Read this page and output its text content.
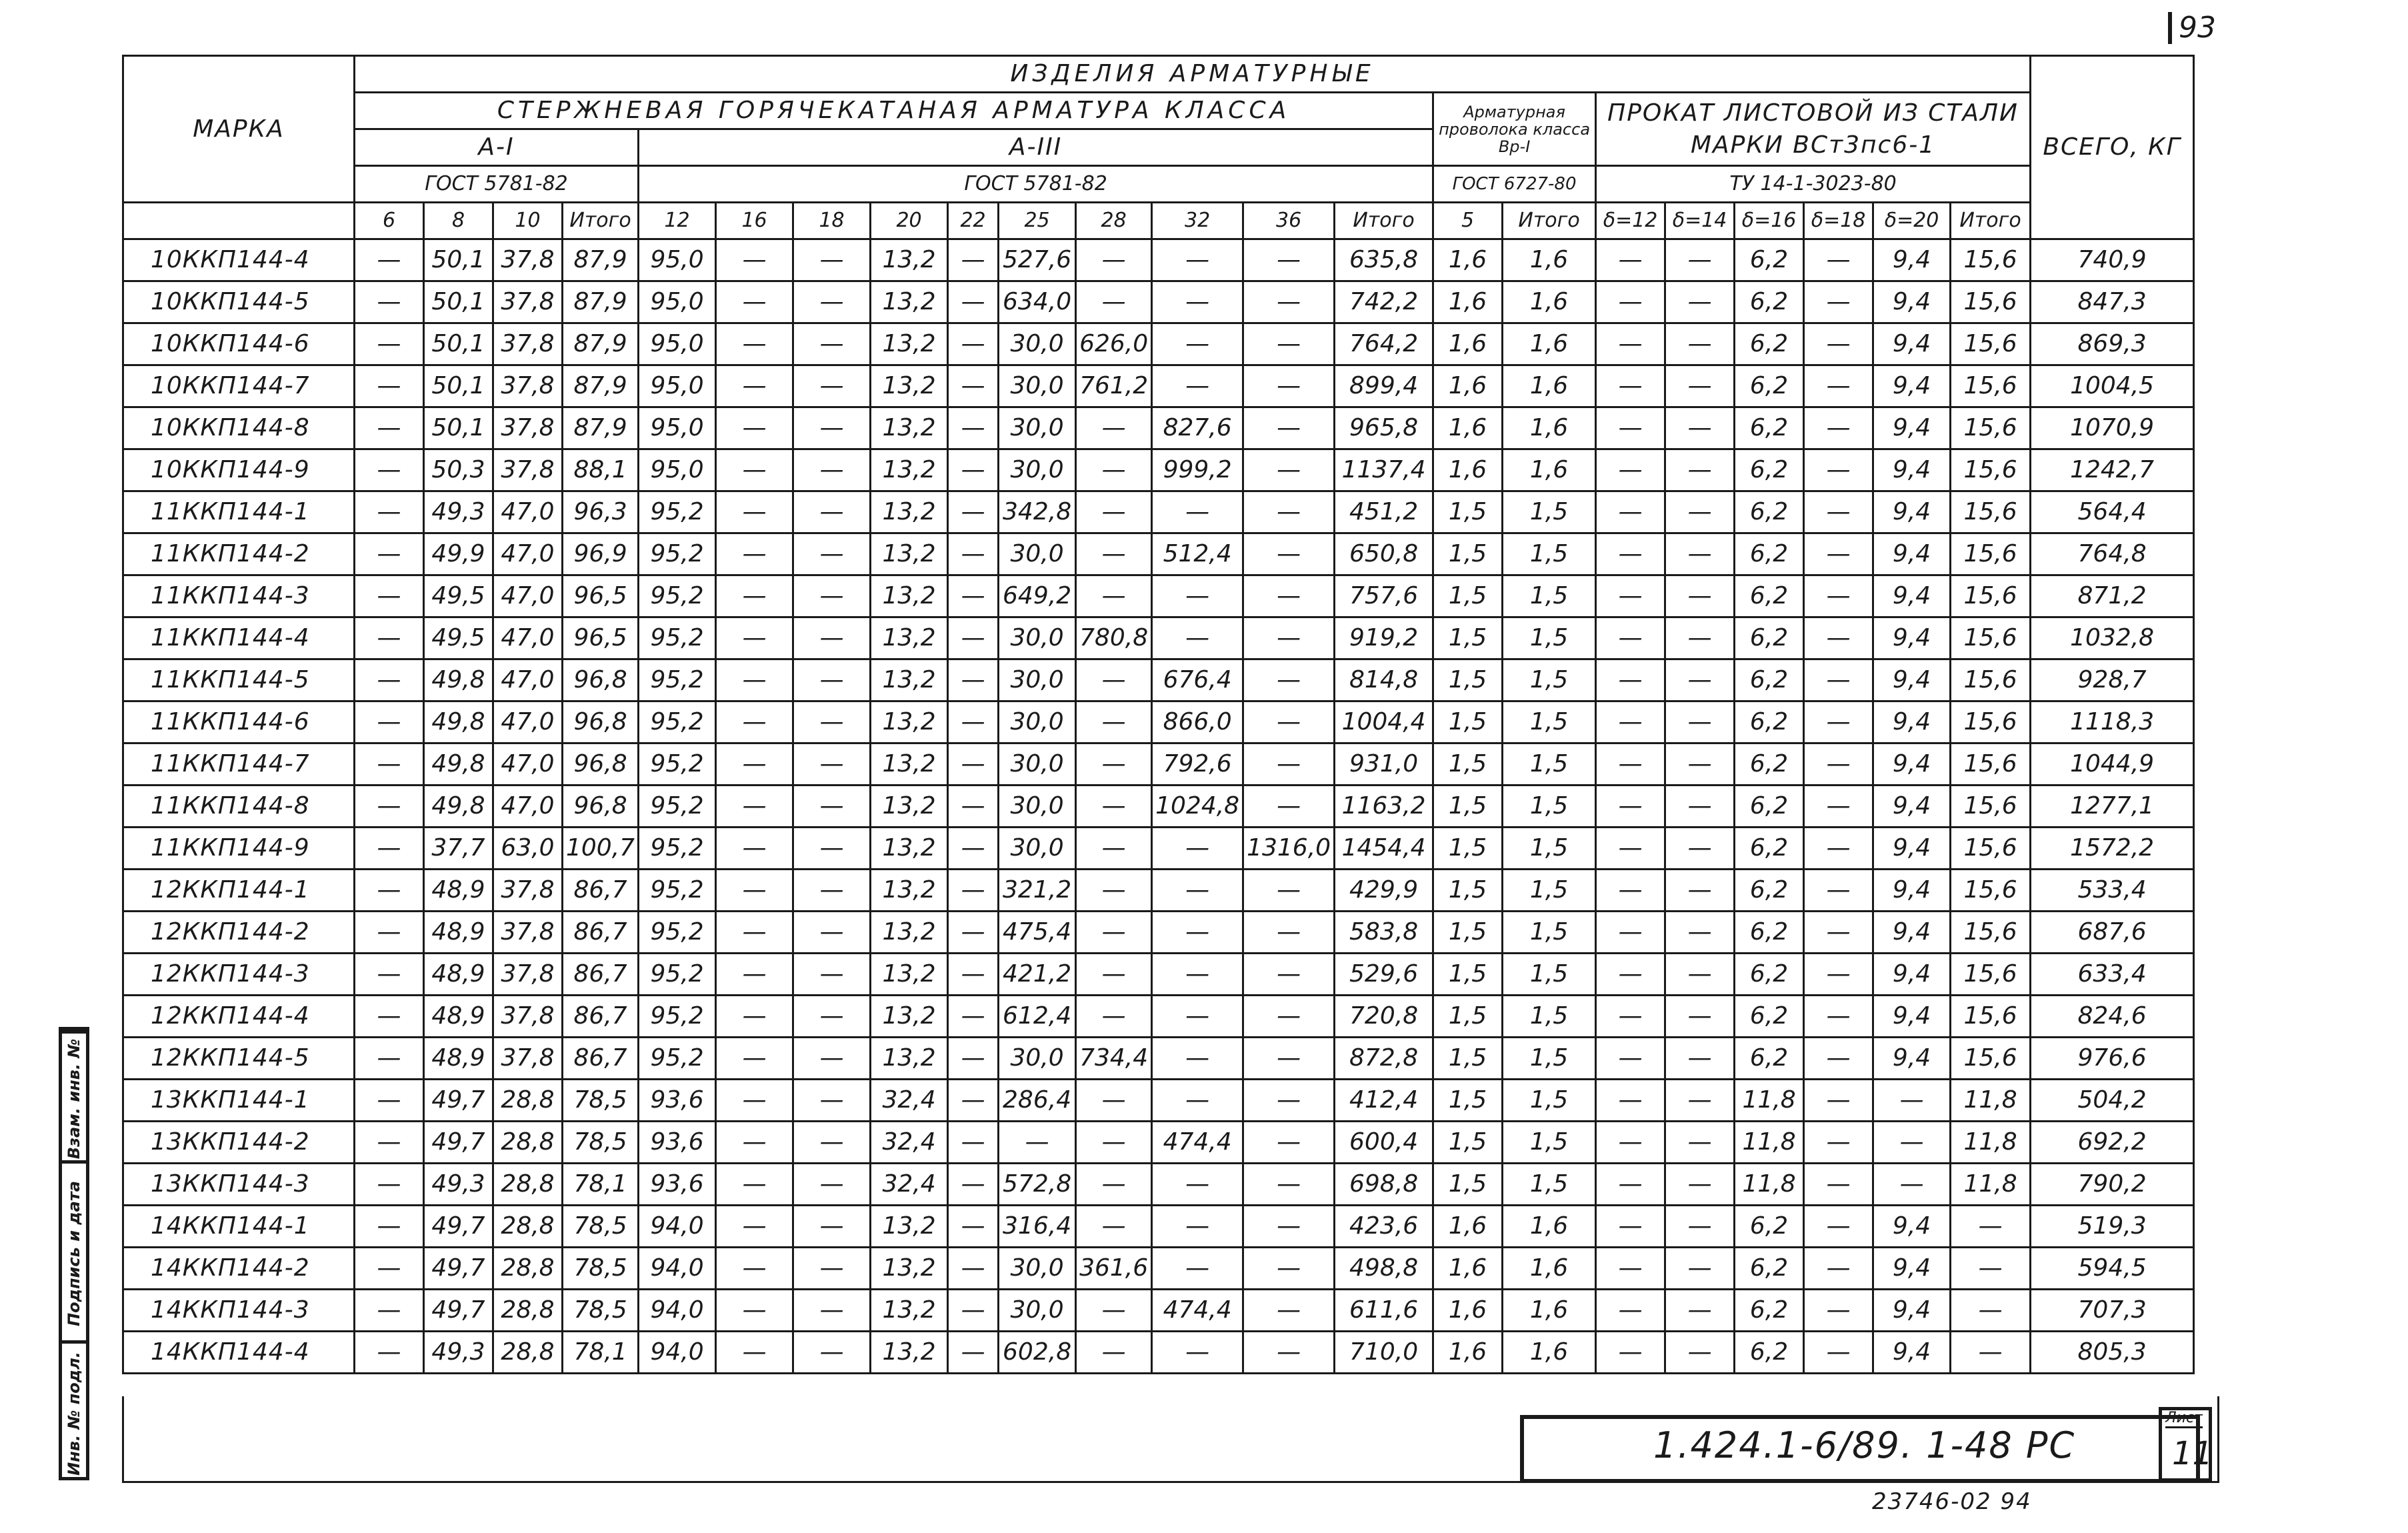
93
МАРКА	ИЗДЕЛИЯ АРМАТУРНЫЕ																						ВСЕГО, КГ
	СТЕРЖНЕВАЯ ГОРЯЧЕКАТАНАЯ АРМАТУРА КЛАССА														Арматурная проволока класса Вр-I		ПРОКАТ ЛИСТОВОЙ ИЗ СТАЛИ МАРКИ ВСт3пс6-1						
	А-I				А-III																		
	ГОСТ 5781-82				ГОСТ 5781-82										ГОСТ 6727-80		ТУ 14-1-3023-80						
	6	8	10	Итого	12	16	18	20	22	25	28	32	36	Итого	5	Итого	δ=12	δ=14	δ=16	δ=18	δ=20	Итого	
10ККП144-4	—	50,1	37,8	87,9	95,0	—	—	13,2	—	527,6	—	—	—	635,8	1,6	1,6	—	—	6,2	—	9,4	15,6	740,9
10ККП144-5	—	50,1	37,8	87,9	95,0	—	—	13,2	—	634,0	—	—	—	742,2	1,6	1,6	—	—	6,2	—	9,4	15,6	847,3
10ККП144-6	—	50,1	37,8	87,9	95,0	—	—	13,2	—	30,0	626,0	—	—	764,2	1,6	1,6	—	—	6,2	—	9,4	15,6	869,3
10ККП144-7	—	50,1	37,8	87,9	95,0	—	—	13,2	—	30,0	761,2	—	—	899,4	1,6	1,6	—	—	6,2	—	9,4	15,6	1004,5
10ККП144-8	—	50,1	37,8	87,9	95,0	—	—	13,2	—	30,0	—	827,6	—	965,8	1,6	1,6	—	—	6,2	—	9,4	15,6	1070,9
10ККП144-9	—	50,3	37,8	88,1	95,0	—	—	13,2	—	30,0	—	999,2	—	1137,4	1,6	1,6	—	—	6,2	—	9,4	15,6	1242,7
11ККП144-1	—	49,3	47,0	96,3	95,2	—	—	13,2	—	342,8	—	—	—	451,2	1,5	1,5	—	—	6,2	—	9,4	15,6	564,4
11ККП144-2	—	49,9	47,0	96,9	95,2	—	—	13,2	—	30,0	—	512,4	—	650,8	1,5	1,5	—	—	6,2	—	9,4	15,6	764,8
11ККП144-3	—	49,5	47,0	96,5	95,2	—	—	13,2	—	649,2	—	—	—	757,6	1,5	1,5	—	—	6,2	—	9,4	15,6	871,2
11ККП144-4	—	49,5	47,0	96,5	95,2	—	—	13,2	—	30,0	780,8	—	—	919,2	1,5	1,5	—	—	6,2	—	9,4	15,6	1032,8
11ККП144-5	—	49,8	47,0	96,8	95,2	—	—	13,2	—	30,0	—	676,4	—	814,8	1,5	1,5	—	—	6,2	—	9,4	15,6	928,7
11ККП144-6	—	49,8	47,0	96,8	95,2	—	—	13,2	—	30,0	—	866,0	—	1004,4	1,5	1,5	—	—	6,2	—	9,4	15,6	1118,3
11ККП144-7	—	49,8	47,0	96,8	95,2	—	—	13,2	—	30,0	—	792,6	—	931,0	1,5	1,5	—	—	6,2	—	9,4	15,6	1044,9
11ККП144-8	—	49,8	47,0	96,8	95,2	—	—	13,2	—	30,0	—	1024,8	—	1163,2	1,5	1,5	—	—	6,2	—	9,4	15,6	1277,1
11ККП144-9	—	37,7	63,0	100,7	95,2	—	—	13,2	—	30,0	—	—	1316,0	1454,4	1,5	1,5	—	—	6,2	—	9,4	15,6	1572,2
12ККП144-1	—	48,9	37,8	86,7	95,2	—	—	13,2	—	321,2	—	—	—	429,9	1,5	1,5	—	—	6,2	—	9,4	15,6	533,4
12ККП144-2	—	48,9	37,8	86,7	95,2	—	—	13,2	—	475,4	—	—	—	583,8	1,5	1,5	—	—	6,2	—	9,4	15,6	687,6
12ККП144-3	—	48,9	37,8	86,7	95,2	—	—	13,2	—	421,2	—	—	—	529,6	1,5	1,5	—	—	6,2	—	9,4	15,6	633,4
12ККП144-4	—	48,9	37,8	86,7	95,2	—	—	13,2	—	612,4	—	—	—	720,8	1,5	1,5	—	—	6,2	—	9,4	15,6	824,6
12ККП144-5	—	48,9	37,8	86,7	95,2	—	—	13,2	—	30,0	734,4	—	—	872,8	1,5	1,5	—	—	6,2	—	9,4	15,6	976,6
13ККП144-1	—	49,7	28,8	78,5	93,6	—	—	32,4	—	286,4	—	—	—	412,4	1,5	1,5	—	—	11,8	—	—	11,8	504,2
13ККП144-2	—	49,7	28,8	78,5	93,6	—	—	32,4	—	—	—	474,4	—	600,4	1,5	1,5	—	—	11,8	—	—	11,8	692,2
13ККП144-3	—	49,3	28,8	78,1	93,6	—	—	32,4	—	572,8	—	—	—	698,8	1,5	1,5	—	—	11,8	—	—	11,8	790,2
14ККП144-1	—	49,7	28,8	78,5	94,0	—	—	13,2	—	316,4	—	—	—	423,6	1,6	1,6	—	—	6,2	—	9,4	—	519,3
14ККП144-2	—	49,7	28,8	78,5	94,0	—	—	13,2	—	30,0	361,6	—	—	498,8	1,6	1,6	—	—	6,2	—	9,4	—	594,5
14ККП144-3	—	49,7	28,8	78,5	94,0	—	—	13,2	—	30,0	—	474,4	—	611,6	1,6	1,6	—	—	6,2	—	9,4	—	707,3
14ККП144-4	—	49,3	28,8	78,1	94,0	—	—	13,2	—	602,8	—	—	—	710,0	1,6	1,6	—	—	6,2	—	9,4	—	805,3
1.424.1-6/89. 1-48 РС
Лист
11
23746-02 94
Инв. № подл.
Подпись и дата
Взам. инв. №
